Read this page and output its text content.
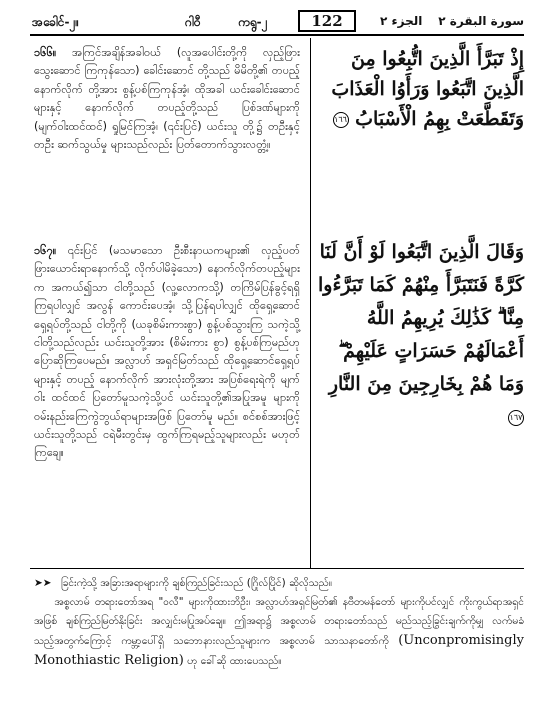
အခေါင်-၂။	ဂါ၀ီ	ကရွ-၂	122	الجزء ٢ سورة البقرة ٢
၁၆၆။ အကြင်အချိန်အခါ၀ယ် (လူအပေါင်းတို့ကို လှည့်ဖြားသွေးဆောင် ကြကုန်သော) ခေါင်းဆောင် တို့သည် မိမိတို့၏ တပည့်နောက်လိုက် တို့အား စွန့်ပစ်ကြကုန်အံ့၊ ထိုအခါ ယင်းခေါင်းဆောင်များနှင့် နောက်လိုက် တပည့်တို့သည် ပြစ်ဒဏ်များကို (မျက်ဝါးထင်ထင်) ရှုမြင်ကြအံ့၊ (၎င်းပြင်) ယင်းသူ တို့၌ တဦးနှင့်တဦး ဆက်သွယ်မှု များသည်လည်း ပြတ်တောက်သွားလတ္တံ့။
၁၆၇။ ၎င်းပြင် (မသမာသော ဦးစီးနာယကများ၏ လှည့်ပတ်ဖြားယောင်းရာနောက်သို့ လိုက်ပါမိခဲ့သော) နောက်လိုက်တပည့်များက အကယ်၍သာ ငါတို့သည် (လူ့လောကသို့) တကြိမ်ပြန်ခွင့်ရရှိကြရပါလျှင် အလွန် ကောင်းပေအံ့၊ သို့ပြန်ရပါလျှင် ထိုရှေ့ဆောင်ရှေ့ရပ်တို့သည် ငါတို့ကို (ယခုစိမ်းကားစွာ) စွန့်ပစ်သွားကြ သကဲ့သို့ ငါတို့သည်လည်း ယင်းသူတို့အား (စိမ်းကား စွာ) စွန့်ပစ်ကြမည်ဟု ပြောဆိုကြပေမည်။ အလ္လာဟ် အရှင်မြတ်သည် ထိုရှေ့ဆောင်ရှေ့ရပ်များနှင့် တပည့် နောက်လိုက် အားလုံးတို့အား အပြစ်ရေးရဲကို မျက်ဝါး ထင်ထင် ပြတော်မူသကဲ့သို့ပင် ယင်းသူတို့၏အပြုအမူ များကို ဝမ်းနည်းကြေကွဲဘွယ်ရာများအဖြစ် ပြတော်မူ မည်။ စင်စစ်အားဖြင့် ယင်းသူတို့သည် ငရဲမီးတွင်းမှ ထွက်ကြရမည့်သူများလည်း မဟုတ်ကြချေ။
إِذْ تَبَرَّأَ الَّذِينَ اتُّبِعُوا مِنَ الَّذِينَ اتَّبَعُوا وَرَأَوُا الْعَذَابَ وَتَقَطَّعَتْ بِهِمُ الْأَسْبَابُ ١٦٦
وَقَالَ الَّذِينَ اتَّبَعُوا لَوْ أَنَّ لَنَا كَرَّةً فَنَتَبَرَّأَ مِنْهُمْ كَمَا تَبَرَّءُوا مِنَّا ۗ كَذَٰلِكَ يُرِيهِمُ اللَّهُ أَعْمَالَهُمْ حَسَرَاتٍ عَلَيْهِمْ ۖ وَمَا هُمْ بِخَارِجِينَ مِنَ النَّارِ ١٦٧
➤➤ ခြင်းကဲ့သို့ အခြားအရာများကို ချစ်ကြည်ခြင်းသည် (ဂြိုလ်ပြိုင်) ဆိုလိုသည်။
အစ္စလာမ် တရားတော်အရ "ဝလီ" များကိုထားဘိဦး၊ အလ္လာဟ်အရှင်မြတ်၏ နဗီတမန်တော် များကိုပင်လျှင် ကိုးကွယ်ရာအရှင်အဖြစ် ချစ်ကြည်မြတ်နိုးခြင်း အလျှင်းမပြုအပ်ချေ။ ဤအရာ၌ အစ္စလာမ် တရားတော်သည် မည်သည့်ခြွင်းချက်ကိုမျှ လက်မခံသည့်အတွက်ကြောင့် ကမ္ဘာ့ပေါ်ရှိ သဘောနားလည်သူများက အစ္စလာမ် သာသနာတော်ကို (Unconpromisingly Monothiastic Religion) ဟု ခေါ်ဆို ထားပေသည်။
